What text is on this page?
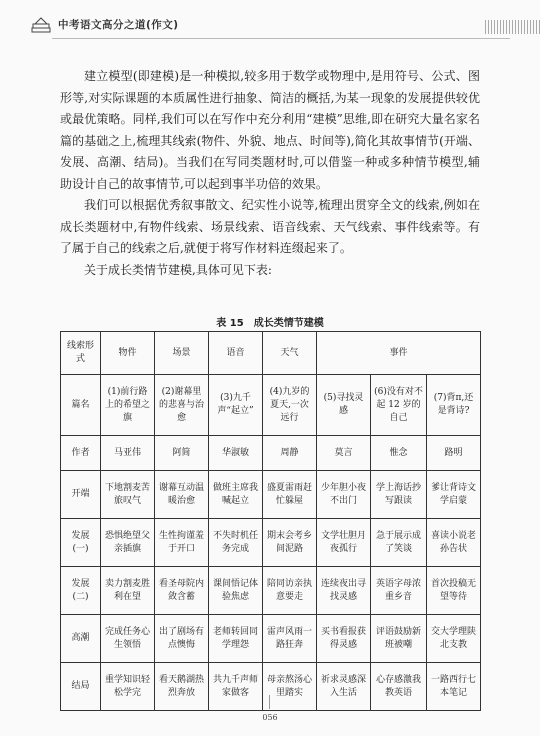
中考语文高分之道(作文)

建立模型(即建模)是一种模拟,较多用于数学或物理中,是用符号、公式、图形等,对实际课题的本质属性进行抽象、简洁的概括,为某一现象的发展提供较优或最优策略。同样,我们可以在写作中充分利用“建模”思维,即在研究大量名家名篇的基础之上,梳理其线索(物件、外貌、地点、时间等),简化其故事情节(开端、发展、高潮、结局)。当我们在写同类题材时,可以借鉴一种或多种情节模型,辅助设计自己的故事情节,可以起到事半功倍的效果。

我们可以根据优秀叙事散文、纪实性小说等,梳理出贯穿全文的线索,例如在成长类题材中,有物件线索、场景线索、语音线索、天气线索、事件线索等。有了属于自己的线索之后,就便于将写作材料连缀起来了。

关于成长类情节建模,具体可见下表:

表 15　成长类情节建模
线索形式	物件	场景	语音	天气	事件		
篇名	(1)前行路上的希望之旗	(2)谢幕里的悲喜与治愈	(3)九千声“起立”	(4)九岁的夏天,一次远行	(5)寻找灵感	(6)没有对不起 12 岁的自己	(7)背π,还是背诗?
作者	马亚伟	阿简	华淑敏	周静	莫言	惟念	路明
开端	下地割麦苦旅叹气	谢幕互动温暖治愈	做班主席我喊起立	盛夏雷雨赶忙躲屋	少年胆小夜不出门	学上海话抄写跟读	爹让背诗文学启蒙
发展(一)	恐惧绝望父亲插旗	生性拘谨羞于开口	不失时机任务完成	期末会考乡间泥路	文学壮胆月夜孤行	急于展示成了笑谈	喜读小说老孙告状
发展(二)	卖力割麦胜利在望	看圣母院内敛含蓄	课间悟记体验焦虑	陪同访亲执意要走	连续夜出寻找灵感	英语字母浓重乡音	首次投稿无望等待
高潮	完成任务心生领悟	出了剧场有点懊悔	老师转回同学理怨	雷声风雨一路狂奔	买书看报获得灵感	评语鼓励新班被嘲	交大学理陕北支教
结局	重学知识轻松学完	看天鹅湖热烈奔放	共九千声师家做客	母亲熬汤心里踏实	祈求灵感深入生活	心存感激我教英语	一路西行七本笔记
056
